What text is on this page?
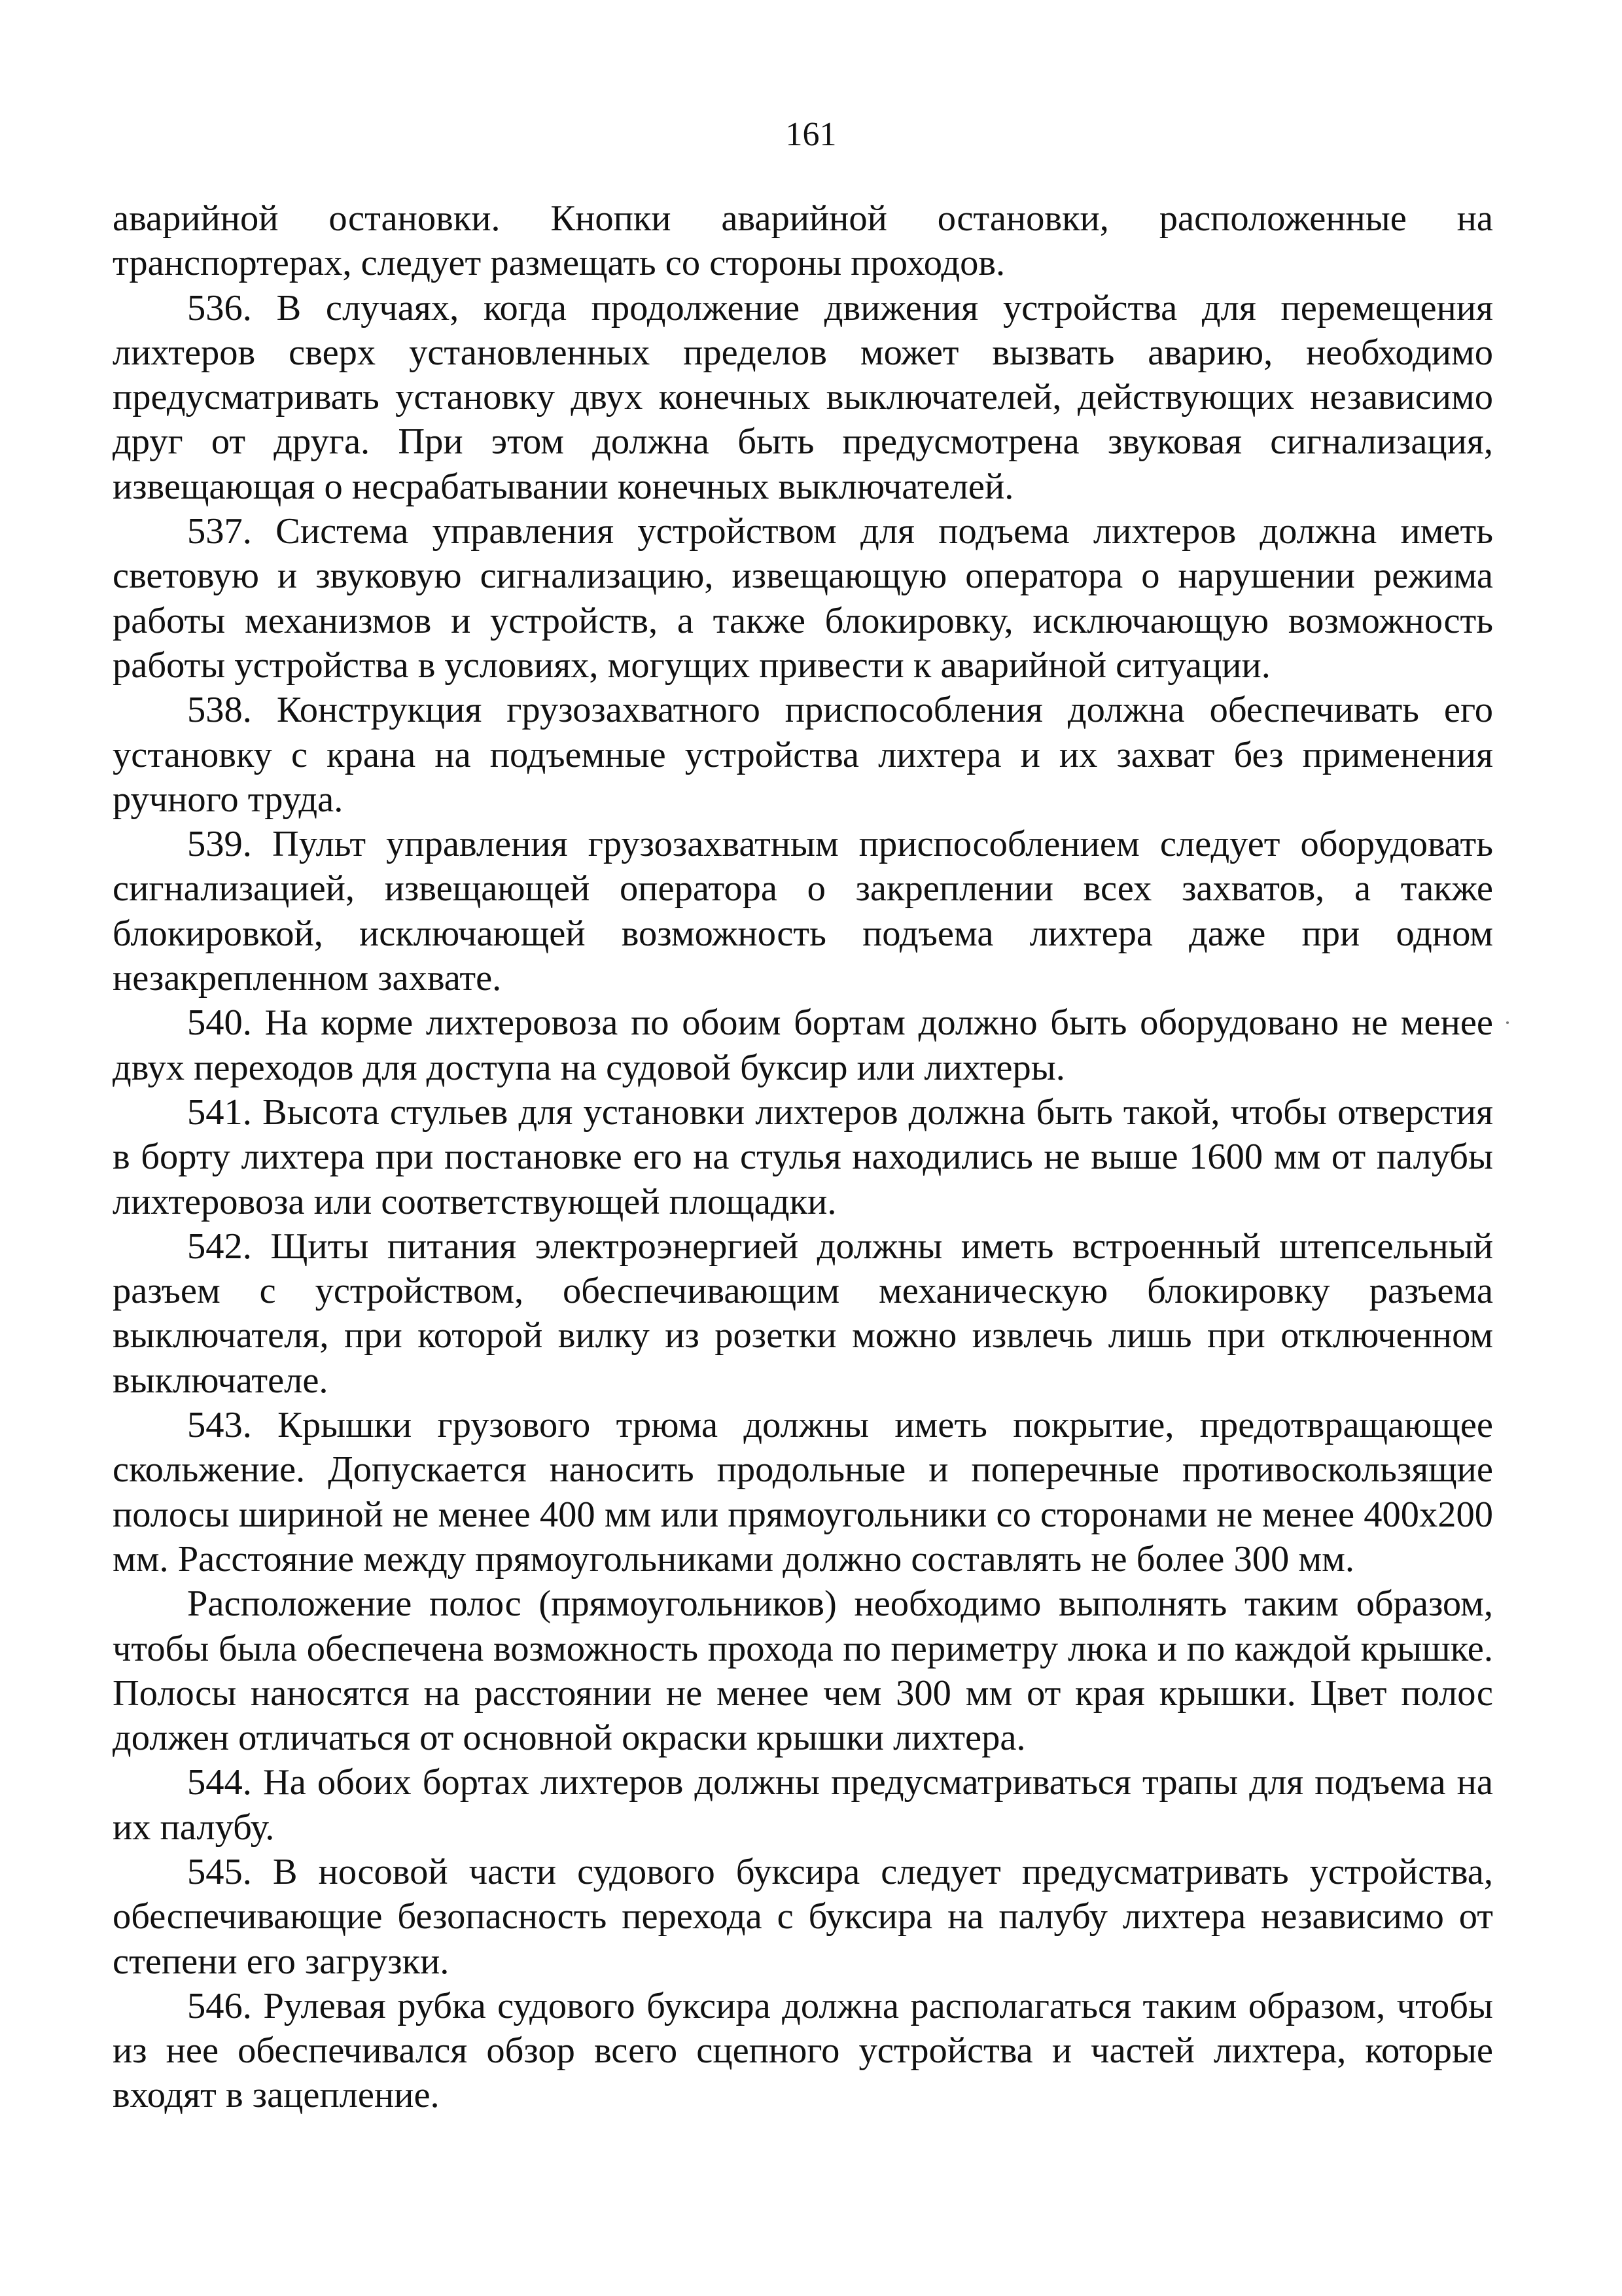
161

аварийной остановки. Кнопки аварийной остановки, расположенные на транспортерах, следует размещать со стороны проходов.

536. В случаях, когда продолжение движения устройства для перемещения лихтеров сверх установленных пределов может вызвать аварию, необходимо предусматривать установку двух конечных выключателей, действующих независимо друг от друга. При этом должна быть предусмотрена звуковая сигнализация, извещающая о несрабатывании конечных выключателей.

537. Система управления устройством для подъема лихтеров должна иметь световую и звуковую сигнализацию, извещающую оператора о нарушении режима работы механизмов и устройств, а также блокировку, исключающую возможность работы устройства в условиях, могущих привести к аварийной ситуации.

538. Конструкция грузозахватного приспособления должна обеспечивать его установку с крана на подъемные устройства лихтера и их захват без применения ручного труда.

539. Пульт управления грузозахватным приспособлением следует оборудовать сигнализацией, извещающей оператора о закреплении всех захватов, а также блокировкой, исключающей возможность подъема лихтера даже при одном незакрепленном захвате.

540. На корме лихтеровоза по обоим бортам должно быть оборудовано не менее двух переходов для доступа на судовой буксир или лихтеры.

541. Высота стульев для установки лихтеров должна быть такой, чтобы отверстия в борту лихтера при постановке его на стулья находились не выше 1600 мм от палубы лихтеровоза или соответствующей площадки.

542. Щиты питания электроэнергией должны иметь встроенный штепсельный разъем с устройством, обеспечивающим механическую блокировку разъема выключателя, при которой вилку из розетки можно извлечь лишь при отключенном выключателе.

543. Крышки грузового трюма должны иметь покрытие, предотвращающее скольжение. Допускается наносить продольные и поперечные противоскользящие полосы шириной не менее 400 мм или прямоугольники со сторонами не менее 400x200 мм. Расстояние между прямоугольниками должно составлять не более 300 мм.

Расположение полос (прямоугольников) необходимо выполнять таким образом, чтобы была обеспечена возможность прохода по периметру люка и по каждой крышке. Полосы наносятся на расстоянии не менее чем 300 мм от края крышки. Цвет полос должен отличаться от основной окраски крышки лихтера.

544. На обоих бортах лихтеров должны предусматриваться трапы для подъема на их палубу.

545. В носовой части судового буксира следует предусматривать устройства, обеспечивающие безопасность перехода с буксира на палубу лихтера независимо от степени его загрузки.

546. Рулевая рубка судового буксира должна располагаться таким образом, чтобы из нее обеспечивался обзор всего сцепного устройства и частей лихтера, которые входят в зацепление.
